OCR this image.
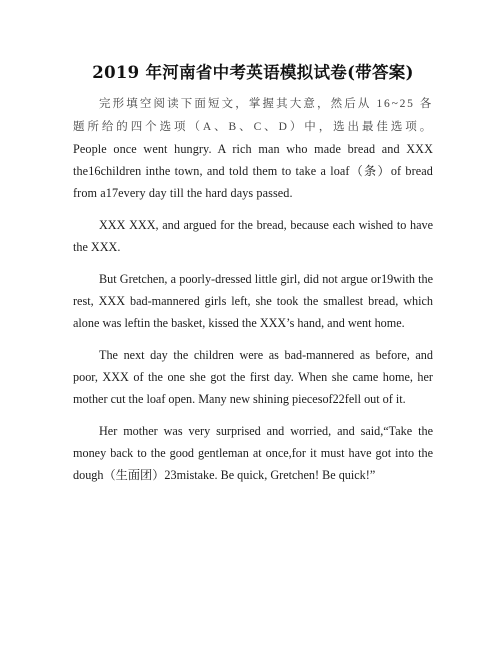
2019 年河南省中考英语模拟试卷(带答案)

完形填空阅读下面短文，掌握其大意，然后从 16~25 各题所给的四个选项（A、B、C、D）中，选出最佳选项。People once went hungry. A rich man who made bread and XXX the16children inthe town, and told them to take a loaf（条）of bread from a17every day till the hard days passed.

XXX XXX, and argued for the bread, because each wished to have the XXX.

But Gretchen, a poorly-dressed little girl, did not argue or19with the rest, XXX bad-mannered girls left, she took the smallest bread, which alone was leftin the basket, kissed the XXX’s hand, and went home.

The next day the children were as bad-mannered as before, and poor, XXX of the one she got the first day. When she came home, her mother cut the loaf open. Many new shining piecesof22fell out of it.

Her mother was very surprised and worried, and said,“Take the money back to the good gentleman at once,for it must have got into the dough（生面团）23mistake. Be quick, Gretchen! Be quick!”
